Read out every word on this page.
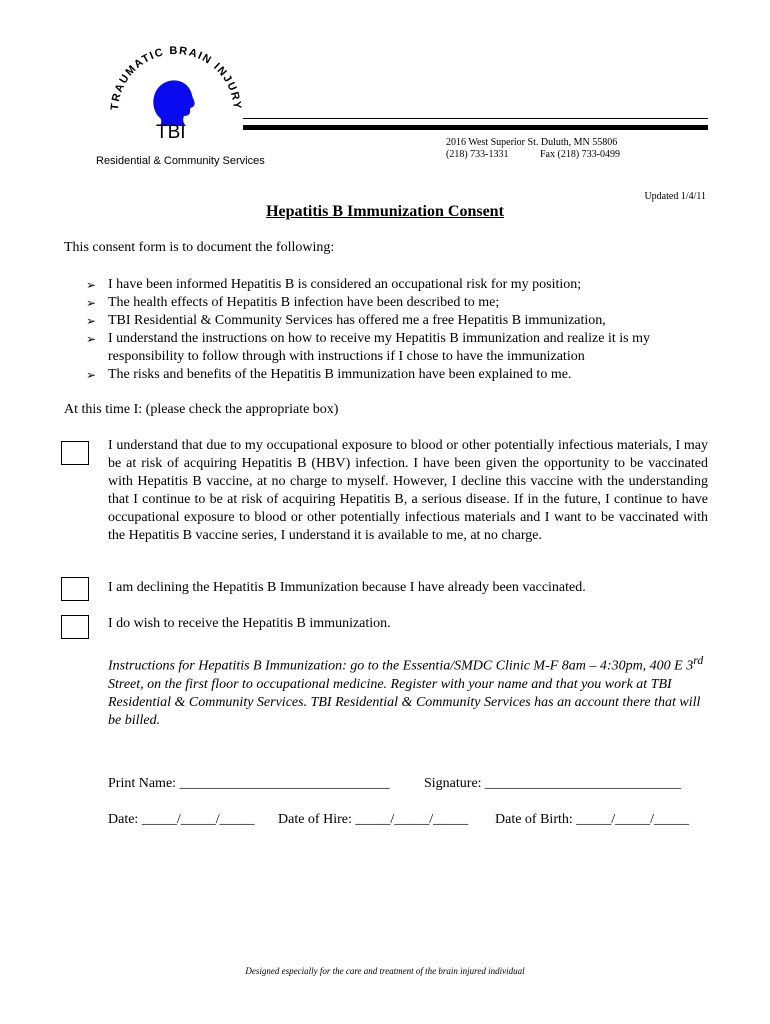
TRAUMATIC BRAIN INJURY
TBI
Residential & Community Services
2016 West Superior St. Duluth, MN 55806
(218) 733-1331	Fax (218) 733-0499
Updated 1/4/11
Hepatitis B Immunization Consent
This consent form is to document the following:
➢ I have been informed Hepatitis B is considered an occupational risk for my position;
➢ The health effects of Hepatitis B infection have been described to me;
➢ TBI Residential & Community Services has offered me a free Hepatitis B immunization,
➢ I understand the instructions on how to receive my Hepatitis B immunization and realize it is my responsibility to follow through with instructions if I chose to have the immunization
➢ The risks and benefits of the Hepatitis B immunization have been explained to me.
At this time I: (please check the appropriate box)
I understand that due to my occupational exposure to blood or other potentially infectious materials, I may be at risk of acquiring Hepatitis B (HBV) infection. I have been given the opportunity to be vaccinated with Hepatitis B vaccine, at no charge to myself. However, I decline this vaccine with the understanding that I continue to be at risk of acquiring Hepatitis B, a serious disease. If in the future, I continue to have occupational exposure to blood or other potentially infectious materials and I want to be vaccinated with the Hepatitis B vaccine series, I understand it is available to me, at no charge.
I am declining the Hepatitis B Immunization because I have already been vaccinated.
I do wish to receive the Hepatitis B immunization.
Instructions for Hepatitis B Immunization: go to the Essentia/SMDC Clinic M-F 8am – 4:30pm, 400 E 3rd Street, on the first floor to occupational medicine. Register with your name and that you work at TBI Residential & Community Services. TBI Residential & Community Services has an account there that will be billed.
Print Name: ______________________________ Signature: ____________________________
Date: _____/_____/_____ Date of Hire: _____/_____/_____ Date of Birth: _____/_____/_____
Designed especially for the care and treatment of the brain injured individual
